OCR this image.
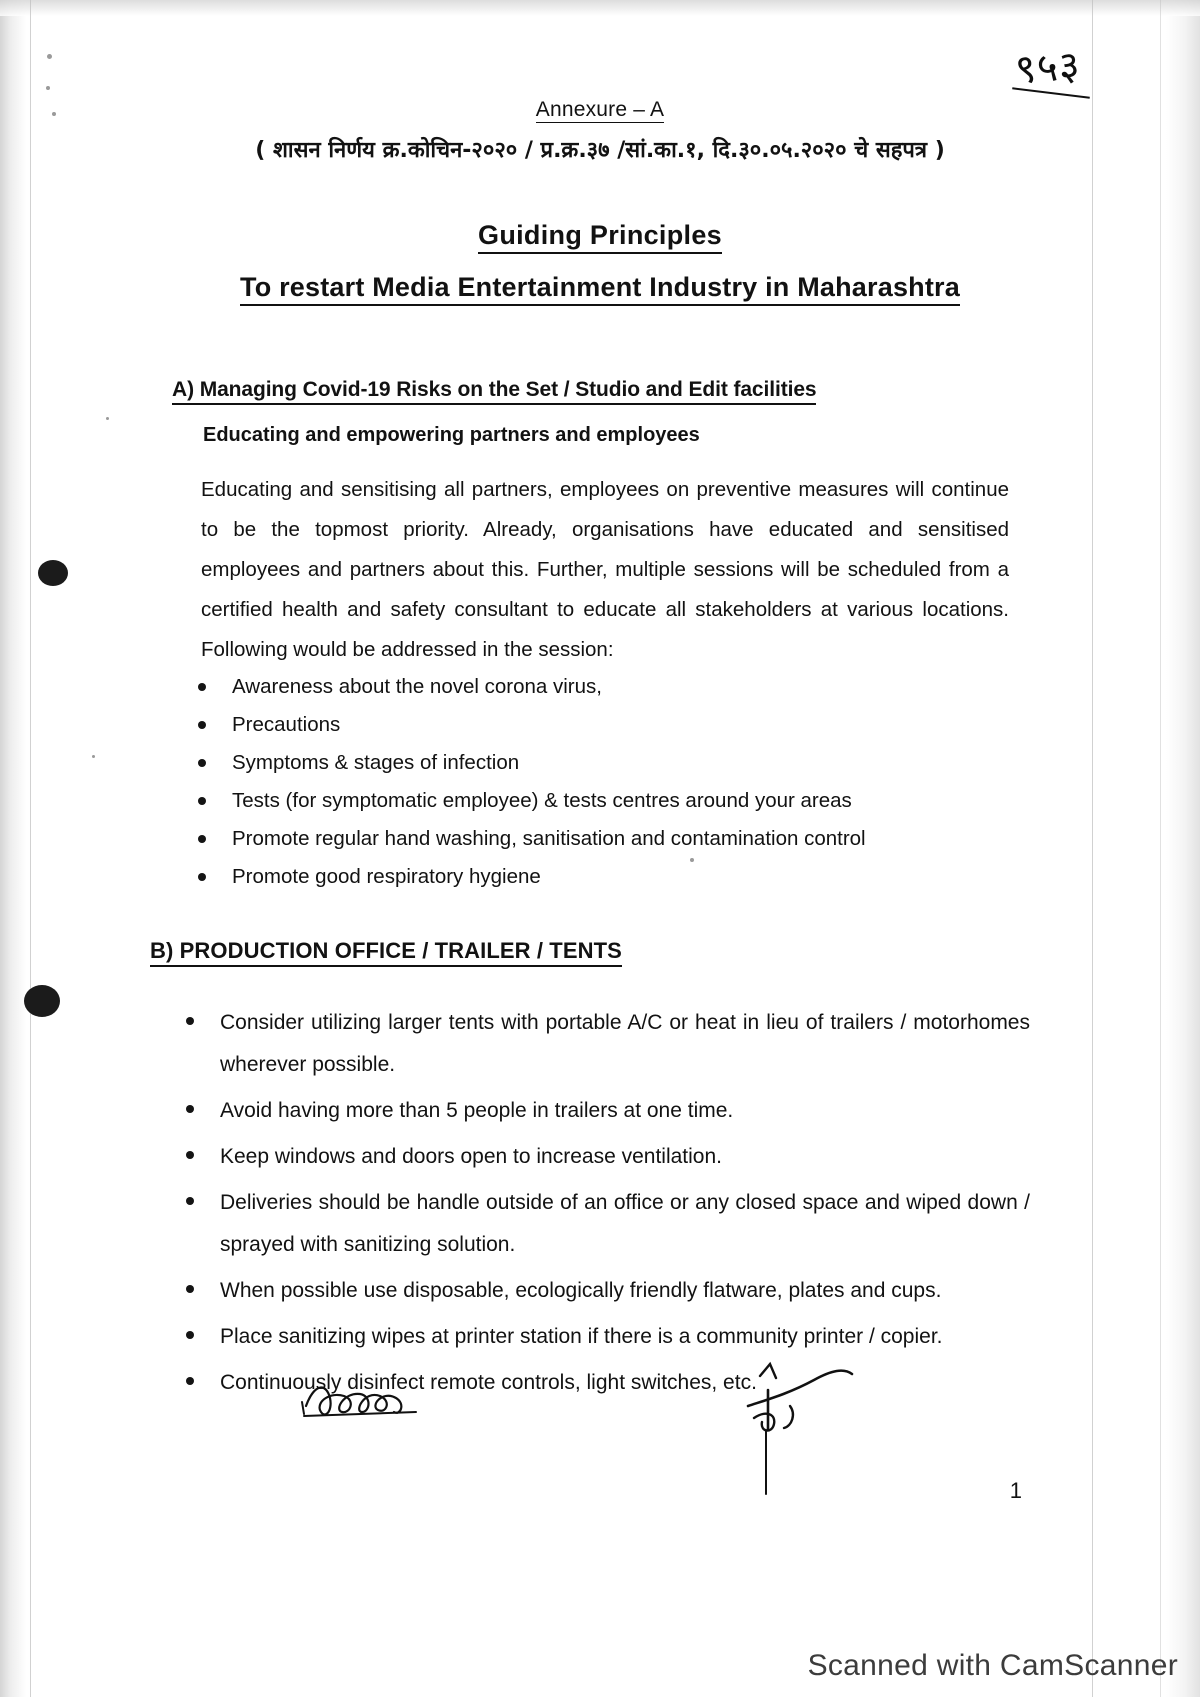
९५३
Annexure – A
( शासन निर्णय क्र.कोचिन-२०२० / प्र.क्र.३७ /सां.का.१, दि.३०.०५.२०२० चे सहपत्र )
Guiding Principles
To restart Media Entertainment Industry in Maharashtra
A) Managing Covid-19 Risks on the Set / Studio and Edit facilities
Educating and empowering partners and employees
Educating and sensitising all partners, employees on preventive measures will continue to be the topmost priority. Already, organisations have educated and sensitised employees and partners about this. Further, multiple sessions will be scheduled from a certified health and safety consultant to educate all stakeholders at various locations. Following would be addressed in the session:
Awareness about the novel corona virus,
Precautions
Symptoms & stages of infection
Tests (for symptomatic employee) & tests centres around your areas
Promote regular hand washing, sanitisation and contamination control
Promote good respiratory hygiene
B) PRODUCTION OFFICE / TRAILER / TENTS
Consider utilizing larger tents with portable A/C or heat in lieu of trailers / motorhomes wherever possible.
Avoid having more than 5 people in trailers at one time.
Keep windows and doors open to increase ventilation.
Deliveries should be handle outside of an office or any closed space and wiped down / sprayed with sanitizing solution.
When possible use disposable, ecologically friendly flatware, plates and cups.
Place sanitizing wipes at printer station if there is a community printer / copier.
Continuously disinfect remote controls, light switches, etc.
1
Scanned with CamScanner
